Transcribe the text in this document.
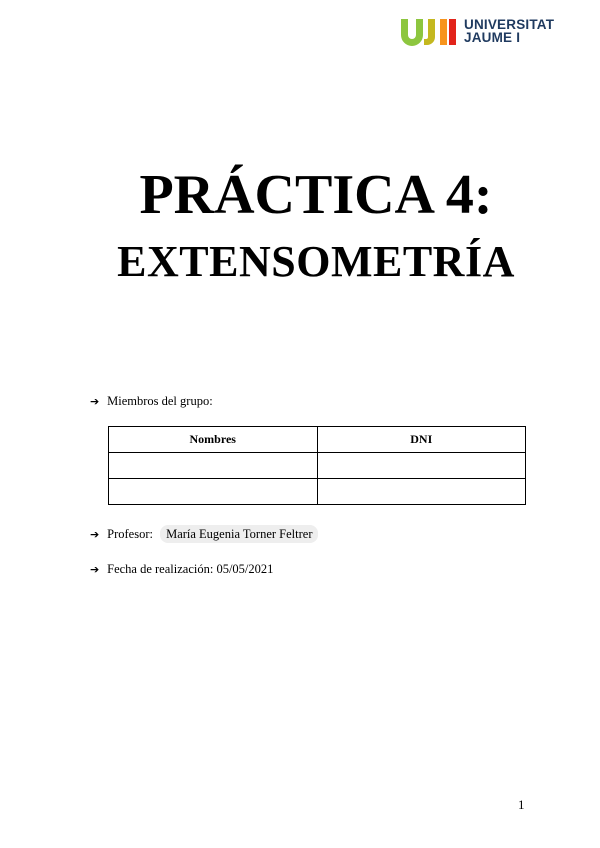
UNIVERSITAT
JAUME I
PRÁCTICA 4:
EXTENSOMETRÍA
➔ Miembros del grupo:
Nombres	DNI

➔ Profesor: María Eugenia Torner Feltrer
➔ Fecha de realización: 05/05/2021
1
